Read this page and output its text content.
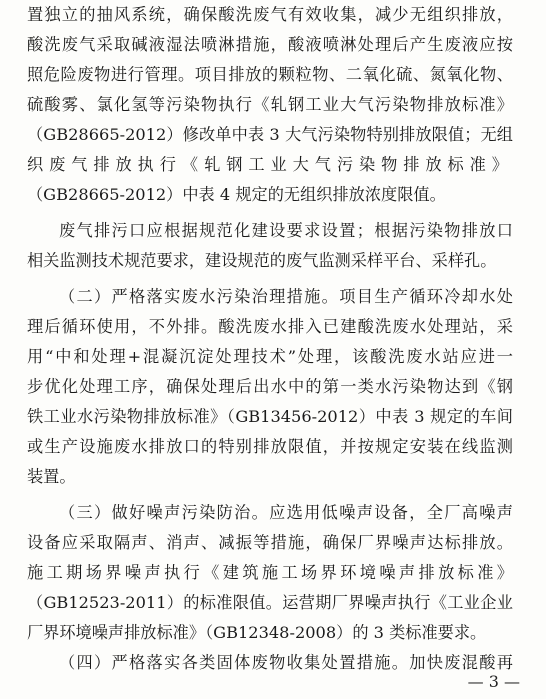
置独立的抽风系统，确保酸洗废气有效收集，减少无组织排放，
酸洗废气采取碱液湿法喷淋措施，酸液喷淋处理后产生废液应按
照危险废物进行管理。项目排放的颗粒物、二氧化硫、氮氧化物、
硫酸雾、氯化氢等污染物执行《轧钢工业大气污染物排放标准》
（GB28665-2012）修改单中表 3 大气污染物特别排放限值；无组
织废气排放执行《轧钢工业大气污染物排放标准》
（GB28665-2012）中表 4 规定的无组织排放浓度限值。
废气排污口应根据规范化建设要求设置；根据污染物排放口
相关监测技术规范要求，建设规范的废气监测采样平台、采样孔。
（二）严格落实废水污染治理措施。项目生产循环冷却水处
理后循环使用，不外排。酸洗废水排入已建酸洗废水处理站，采
用“中和处理+混凝沉淀处理技术”处理，该酸洗废水站应进一
步优化处理工序，确保处理后出水中的第一类水污染物达到《钢
铁工业水污染物排放标准》（GB13456-2012）中表 3 规定的车间
或生产设施废水排放口的特别排放限值，并按规定安装在线监测
装置。
（三）做好噪声污染防治。应选用低噪声设备，全厂高噪声
设备应采取隔声、消声、减振等措施，确保厂界噪声达标排放。
施工期场界噪声执行《建筑施工场界环境噪声排放标准》
（GB12523-2011）的标准限值。运营期厂界噪声执行《工业企业
厂界环境噪声排放标准》（GB12348-2008）的 3 类标准要求。
（四）严格落实各类固体废物收集处置措施。加快废混酸再
— 3 —
